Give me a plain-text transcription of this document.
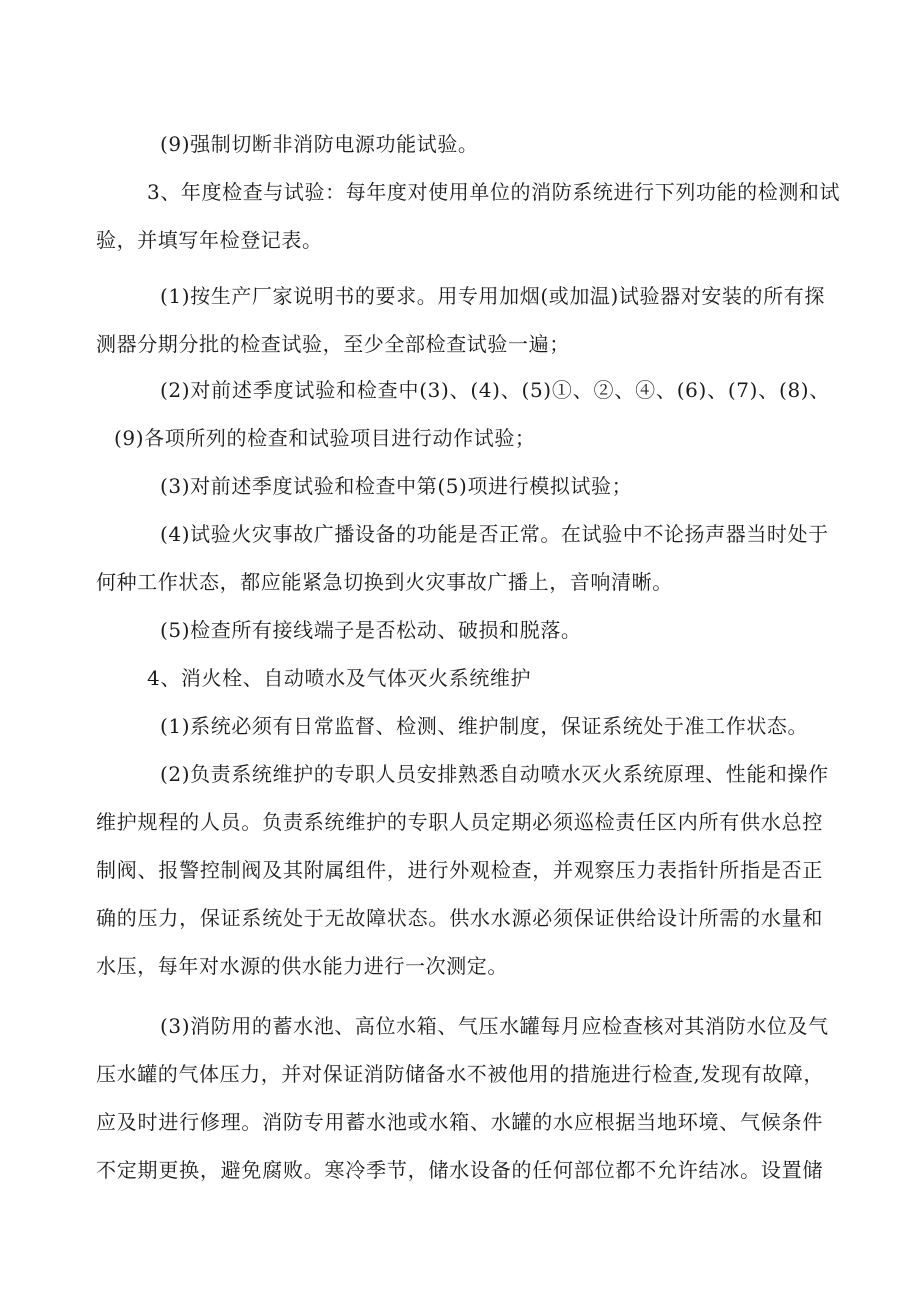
(9)强制切断非消防电源功能试验。
3、年度检查与试验：每年度对使用单位的消防系统进行下列功能的检测和试
验，并填写年检登记表。
(1)按生产厂家说明书的要求。用专用加烟(或加温)试验器对安装的所有探
测器分期分批的检查试验，至少全部检查试验一遍；
(2)对前述季度试验和检查中(3)、(4)、(5)①、②、④、(6)、(7)、(8)、
(9)各项所列的检查和试验项目进行动作试验；
(3)对前述季度试验和检查中第(5)项进行模拟试验；
(4)试验火灾事故广播设备的功能是否正常。在试验中不论扬声器当时处于
何种工作状态，都应能紧急切换到火灾事故广播上，音响清晰。
(5)检查所有接线端子是否松动、破损和脱落。
4、消火栓、自动喷水及气体灭火系统维护
(1)系统必须有日常监督、检测、维护制度，保证系统处于准工作状态。
(2)负责系统维护的专职人员安排熟悉自动喷水灭火系统原理、性能和操作
维护规程的人员。负责系统维护的专职人员定期必须巡检责任区内所有供水总控
制阀、报警控制阀及其附属组件，进行外观检查，并观察压力表指针所指是否正
确的压力，保证系统处于无故障状态。供水水源必须保证供给设计所需的水量和
水压，每年对水源的供水能力进行一次测定。
(3)消防用的蓄水池、高位水箱、气压水罐每月应检查核对其消防水位及气
压水罐的气体压力，并对保证消防储备水不被他用的措施进行检查,发现有故障，
应及时进行修理。消防专用蓄水池或水箱、水罐的水应根据当地环境、气候条件
不定期更换，避免腐败。寒冷季节，储水设备的任何部位都不允许结冰。设置储
